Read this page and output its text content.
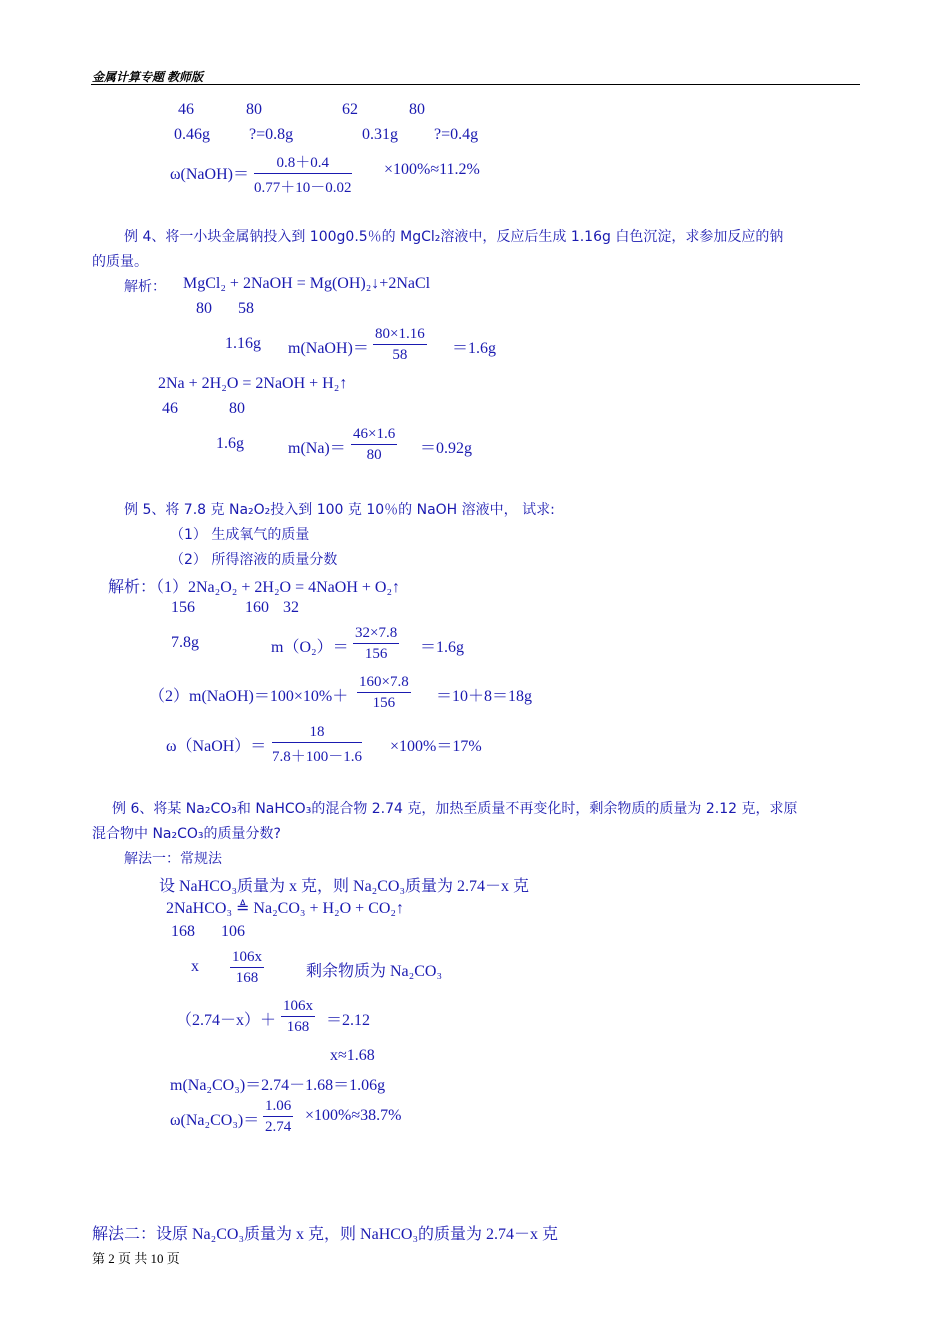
金属计算专题 教师版
46	80	62	80
0.46g ?=0.8g	0.31g ?=0.4g
ω(NaOH)＝ $\frac{0.8+0.4}{0.77+10-0.02} \times 100\%\approx 11.2\%$
例 4、将一小块金属钠投入到 100g0.5％的 MgCl₂溶液中，反应后生成 1.16g 白色沉淀，求参加反应的钠
的质量。
解析： MgCl₂ + 2NaOH = Mg(OH)₂↓+2NaCl
80 58
1.16g m(NaOH)＝ $\frac{80\times 1.16}{58} =1.6g$
2Na + 2H₂O = 2NaOH + H₂↑
46	80
1.6g	$m(Na)= \frac{46\times 1.6}{80} =0.92g$
例 5、将 7.8 克 Na₂O₂投入到 100 克 10％的 NaOH 溶液中， 试求:
（1） 生成氧气的质量
（2） 所得溶液的质量分数
解析：（1）2Na₂O₂ + 2H₂O = 4NaOH + O₂↑
156	160 32
7.8g	$m(O_2)= \frac{32\times 7.8}{156} =1.6g$
（2）m(NaOH)＝100×10%＋ $\frac{160\times 7.8}{156} =10+8=18g$
ω（NaOH）＝ $\frac{18}{7.8+100-1.6} \times 100\%=17\%$
例 6、将某 Na₂CO₃和 NaHCO₃的混合物 2.74 克，加热至质量不再变化时，剩余物质的质量为 2.12 克，求原
混合物中 Na₂CO₃的质量分数?
解法一：常规法
设 NaHCO₃质量为 x 克，则 Na₂CO₃质量为 2.74－x 克
2NaHCO₃ ≜ Na₂CO₃ + H₂O + CO₂↑
168 106
x $\frac{106x}{168}$	剩余物质为 Na₂CO₃
$(2.74-x)+ \frac{106x}{168} =2.12$
x≈1.68
m(Na₂CO₃)＝2.74－1.68＝1.06g
$\omega(Na_2CO_3)= \frac{1.06}{2.74} \times 100\%\approx 38.7\%$
解法二：设原 Na₂CO₃质量为 x 克，则 NaHCO₃的质量为 2.74－x 克
第 2 页 共 10 页
